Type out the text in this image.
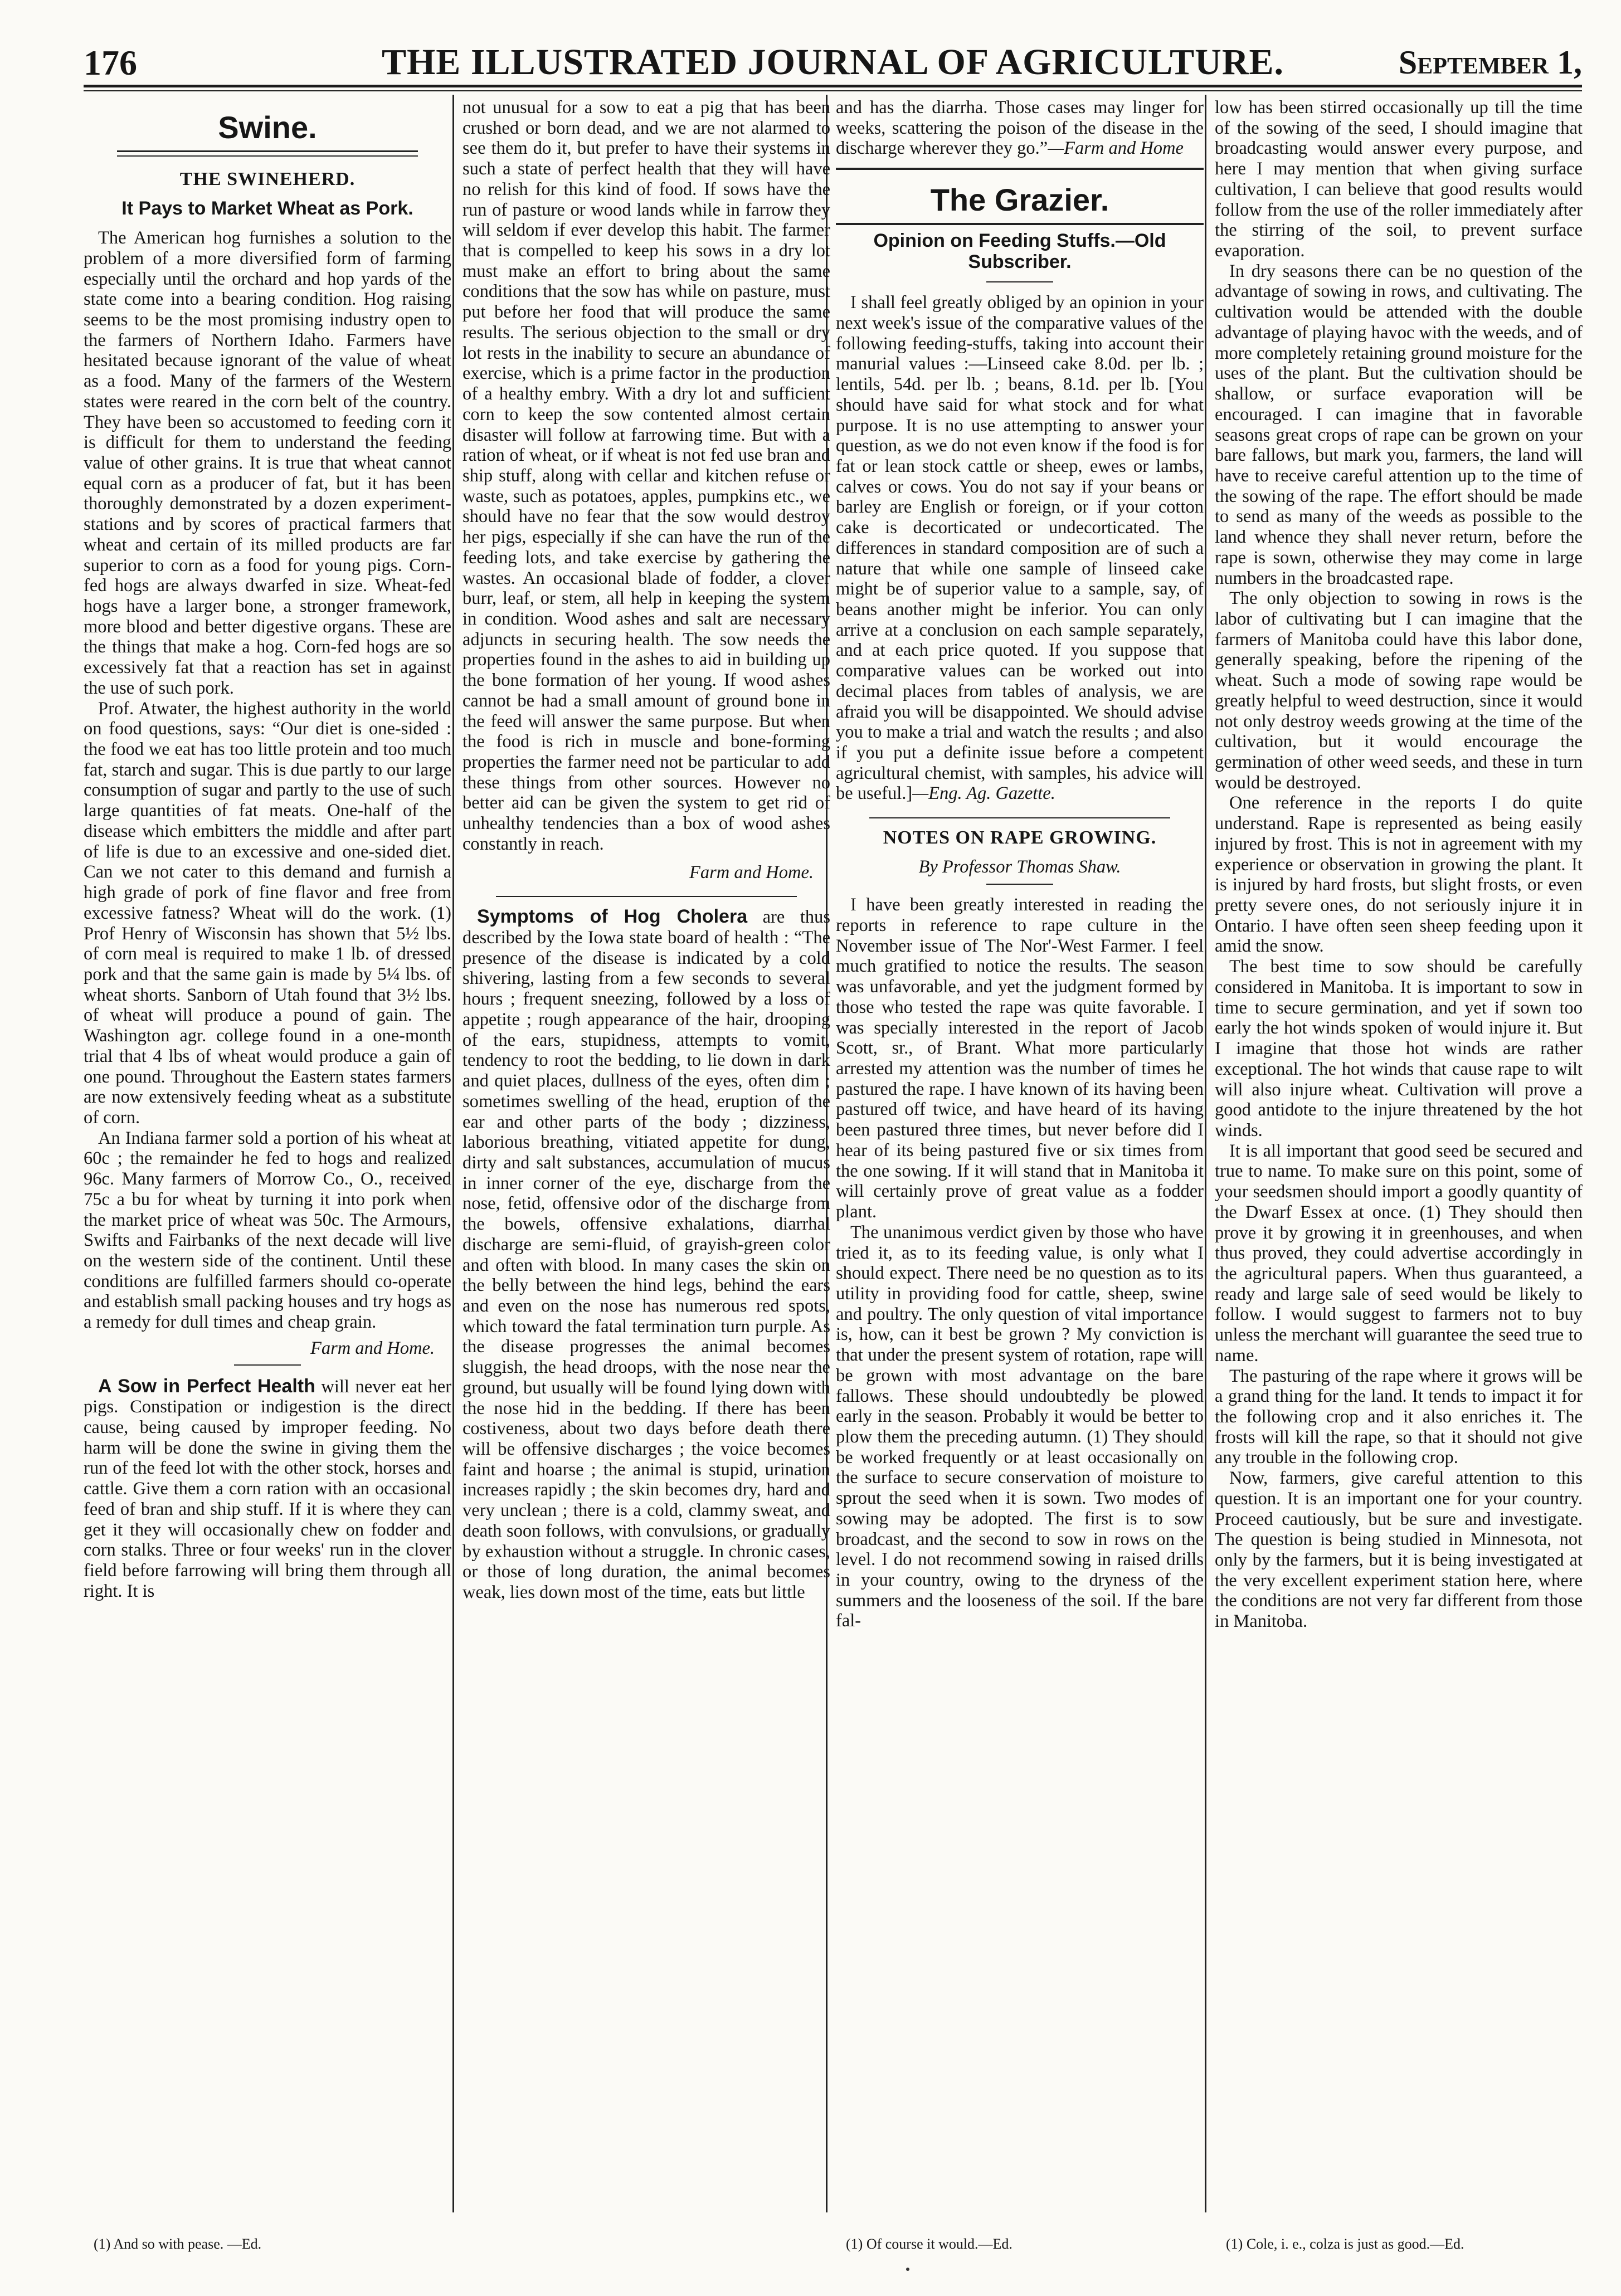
176	THE ILLUSTRATED JOURNAL OF AGRICULTURE.	September 1,
Swine.
THE SWINEHERD.
It Pays to Market Wheat as Pork.

The American hog furnishes a solution to the problem of a more diversified form of farming especially until the orchard and hop yards of the state come into a bearing condition. Hog raising seems to be the most promising industry open to the farmers of Northern Idaho. Farmers have hesitated because ignorant of the value of wheat as a food. Many of the farmers of the Western states were reared in the corn belt of the country. They have been so accustomed to feeding corn it is difficult for them to understand the feeding value of other grains. It is true that wheat cannot equal corn as a producer of fat, but it has been thoroughly demonstrated by a dozen experiment-stations and by scores of practical farmers that wheat and certain of its milled products are far superior to corn as a food for young pigs. Corn-fed hogs are always dwarfed in size. Wheat-fed hogs have a larger bone, a stronger framework, more blood and better digestive organs. These are the things that make a hog. Corn-fed hogs are so excessively fat that a reaction has set in against the use of such pork.

Prof. Atwater, the highest authority in the world on food questions, says: “Our diet is one-sided : the food we eat has too little protein and too much fat, starch and sugar. This is due partly to our large consumption of sugar and partly to the use of such large quantities of fat meats. One-half of the disease which embitters the middle and after part of life is due to an excessive and one-sided diet. Can we not cater to this demand and furnish a high grade of pork of fine flavor and free from excessive fatness? Wheat will do the work. (1) Prof Henry of Wisconsin has shown that 5½ lbs. of corn meal is required to make 1 lb. of dressed pork and that the same gain is made by 5¼ lbs. of wheat shorts. Sanborn of Utah found that 3½ lbs. of wheat will produce a pound of gain. The Washington agr. college found in a one-month trial that 4 lbs of wheat would produce a gain of one pound. Throughout the Eastern states farmers are now extensively feeding wheat as a substitute of corn.

An Indiana farmer sold a portion of his wheat at 60c ; the remainder he fed to hogs and realized 96c. Many farmers of Morrow Co., O., received 75c a bu for wheat by turning it into pork when the market price of wheat was 50c. The Armours, Swifts and Fairbanks of the next decade will live on the western side of the continent. Until these conditions are fulfilled farmers should co-operate and establish small packing houses and try hogs as a remedy for dull times and cheap grain.

Farm and Home.

A Sow in Perfect Health will never eat her pigs. Constipation or indigestion is the direct cause, being caused by improper feeding. No harm will be done the swine in giving them the run of the feed lot with the other stock, horses and cattle. Give them a corn ration with an occasional feed of bran and ship stuff. If it is where they can get it they will occasionally chew on fodder and corn stalks. Three or four weeks' run in the clover field before farrowing will bring them through all right. It is

(1) And so with pease. —Ed.

not unusual for a sow to eat a pig that has been crushed or born dead, and we are not alarmed to see them do it, but prefer to have their systems in such a state of perfect health that they will have no relish for this kind of food. If sows have the run of pasture or wood lands while in farrow they will seldom if ever develop this habit. The farmer that is compelled to keep his sows in a dry lot must make an effort to bring about the same conditions that the sow has while on pasture, must put before her food that will produce the same results. The serious objection to the small or dry lot rests in the inability to secure an abundance of exercise, which is a prime factor in the production of a healthy embry. With a dry lot and sufficient corn to keep the sow contented almost certain disaster will follow at farrowing time. But with a ration of wheat, or if wheat is not fed use bran and ship stuff, along with cellar and kitchen refuse or waste, such as potatoes, apples, pumpkins etc., we should have no fear that the sow would destroy her pigs, especially if she can have the run of the feeding lots, and take exercise by gathering the wastes. An occasional blade of fodder, a clover burr, leaf, or stem, all help in keeping the system in condition. Wood ashes and salt are necessary adjuncts in securing health. The sow needs the properties found in the ashes to aid in building up the bone formation of her young. If wood ashes cannot be had a small amount of ground bone in the feed will answer the same purpose. But when the food is rich in muscle and bone-forming properties the farmer need not be particular to add these things from other sources. However no better aid can be given the system to get rid of unhealthy tendencies than a box of wood ashes constantly in reach.

Farm and Home.

Symptoms of Hog Cholera are thus described by the Iowa state board of health : “The presence of the disease is indicated by a cold shivering, lasting from a few seconds to several hours ; frequent sneezing, followed by a loss of appetite ; rough appearance of the hair, drooping of the ears, stupidness, attempts to vomit, tendency to root the bedding, to lie down in dark and quiet places, dullness of the eyes, often dim ; sometimes swelling of the head, eruption of the ear and other parts of the body ; dizziness, laborious breathing, vitiated appetite for dung, dirty and salt substances, accumulation of mucus in inner corner of the eye, discharge from the nose, fetid, offensive odor of the discharge from the bowels, offensive exhalations, diarrhal discharge are semi-fluid, of grayish-green color and often with blood. In many cases the skin on the belly between the hind legs, behind the ears and even on the nose has numerous red spots, which toward the fatal termination turn purple. As the disease progresses the animal becomes sluggish, the head droops, with the nose near the ground, but usually will be found lying down with the nose hid in the bedding. If there has been costiveness, about two days before death there will be offensive discharges ; the voice becomes faint and hoarse ; the animal is stupid, urination increases rapidly ; the skin becomes dry, hard and very unclean ; there is a cold, clammy sweat, and death soon follows, with convulsions, or gradually by exhaustion without a struggle. In chronic cases, or those of long duration, the animal becomes weak, lies down most of the time, eats but little

and has the diarrha. Those cases may linger for weeks, scattering the poison of the disease in the discharge wherever they go.”—Farm and Home

The Grazier.
Opinion on Feeding Stuffs.—Old Subscriber.

I shall feel greatly obliged by an opinion in your next week's issue of the comparative values of the following feeding-stuffs, taking into account their manurial values :—Linseed cake 8.0d. per lb. ; lentils, 54d. per lb. ; beans, 8.1d. per lb. [You should have said for what stock and for what purpose. It is no use attempting to answer your question, as we do not even know if the food is for fat or lean stock cattle or sheep, ewes or lambs, calves or cows. You do not say if your beans or barley are English or foreign, or if your cotton cake is decorticated or undecorticated. The differences in standard composition are of such a nature that while one sample of linseed cake might be of superior value to a sample, say, of beans another might be inferior. You can only arrive at a conclusion on each sample separately, and at each price quoted. If you suppose that comparative values can be worked out into decimal places from tables of analysis, we are afraid you will be disappointed. We should advise you to make a trial and watch the results ; and also if you put a definite issue before a competent agricultural chemist, with samples, his advice will be useful.]—Eng. Ag. Gazette.

NOTES ON RAPE GROWING.
By Professor Thomas Shaw.

I have been greatly interested in reading the reports in reference to rape culture in the November issue of The Nor'-West Farmer. I feel much gratified to notice the results. The season was unfavorable, and yet the judgment formed by those who tested the rape was quite favorable. I was specially interested in the report of Jacob Scott, sr., of Brant. What more particularly arrested my attention was the number of times he pastured the rape. I have known of its having been pastured off twice, and have heard of its having been pastured three times, but never before did I hear of its being pastured five or six times from the one sowing. If it will stand that in Manitoba it will certainly prove of great value as a fodder plant.

The unanimous verdict given by those who have tried it, as to its feeding value, is only what I should expect. There need be no question as to its utility in providing food for cattle, sheep, swine and poultry. The only question of vital importance is, how, can it best be grown ? My conviction is that under the present system of rotation, rape will be grown with most advantage on the bare fallows. These should undoubtedly be plowed early in the season. Probably it would be better to plow them the preceding autumn. (1) They should be worked frequently or at least occasionally on the surface to secure conservation of moisture to sprout the seed when it is sown. Two modes of sowing may be adopted. The first is to sow broadcast, and the second to sow in rows on the level. I do not recommend sowing in raised drills in your country, owing to the dryness of the summers and the looseness of the soil. If the bare fal-

(1) Of course it would.—Ed.

low has been stirred occasionally up till the time of the sowing of the seed, I should imagine that broadcasting would answer every purpose, and here I may mention that when giving surface cultivation, I can believe that good results would follow from the use of the roller immediately after the stirring of the soil, to prevent surface evaporation.

In dry seasons there can be no question of the advantage of sowing in rows, and cultivating. The cultivation would be attended with the double advantage of playing havoc with the weeds, and of more completely retaining ground moisture for the uses of the plant. But the cultivation should be shallow, or surface evaporation will be encouraged. I can imagine that in favorable seasons great crops of rape can be grown on your bare fallows, but mark you, farmers, the land will have to receive careful attention up to the time of the sowing of the rape. The effort should be made to send as many of the weeds as possible to the land whence they shall never return, before the rape is sown, otherwise they may come in large numbers in the broadcasted rape.

The only objection to sowing in rows is the labor of cultivating but I can imagine that the farmers of Manitoba could have this labor done, generally speaking, before the ripening of the wheat. Such a mode of sowing rape would be greatly helpful to weed destruction, since it would not only destroy weeds growing at the time of the cultivation, but it would encourage the germination of other weed seeds, and these in turn would be destroyed.

One reference in the reports I do quite understand. Rape is represented as being easily injured by frost. This is not in agreement with my experience or observation in growing the plant. It is injured by hard frosts, but slight frosts, or even pretty severe ones, do not seriously injure it in Ontario. I have often seen sheep feeding upon it amid the snow.

The best time to sow should be carefully considered in Manitoba. It is important to sow in time to secure germination, and yet if sown too early the hot winds spoken of would injure it. But I imagine that those hot winds are rather exceptional. The hot winds that cause rape to wilt will also injure wheat. Cultivation will prove a good antidote to the injure threatened by the hot winds.

It is all important that good seed be secured and true to name. To make sure on this point, some of your seedsmen should import a goodly quantity of the Dwarf Essex at once. (1) They should then prove it by growing it in greenhouses, and when thus proved, they could advertise accordingly in the agricultural papers. When thus guaranteed, a ready and large sale of seed would be likely to follow. I would suggest to farmers not to buy unless the merchant will guarantee the seed true to name.

The pasturing of the rape where it grows will be a grand thing for the land. It tends to impact it for the following crop and it also enriches it. The frosts will kill the rape, so that it should not give any trouble in the following crop.

Now, farmers, give careful attention to this question. It is an important one for your country. Proceed cautiously, but be sure and investigate. The question is being studied in Minnesota, not only by the farmers, but it is being investigated at the very excellent experiment station here, where the conditions are not very far different from those in Manitoba.

(1) Cole, i. e., colza is just as good.—Ed.
